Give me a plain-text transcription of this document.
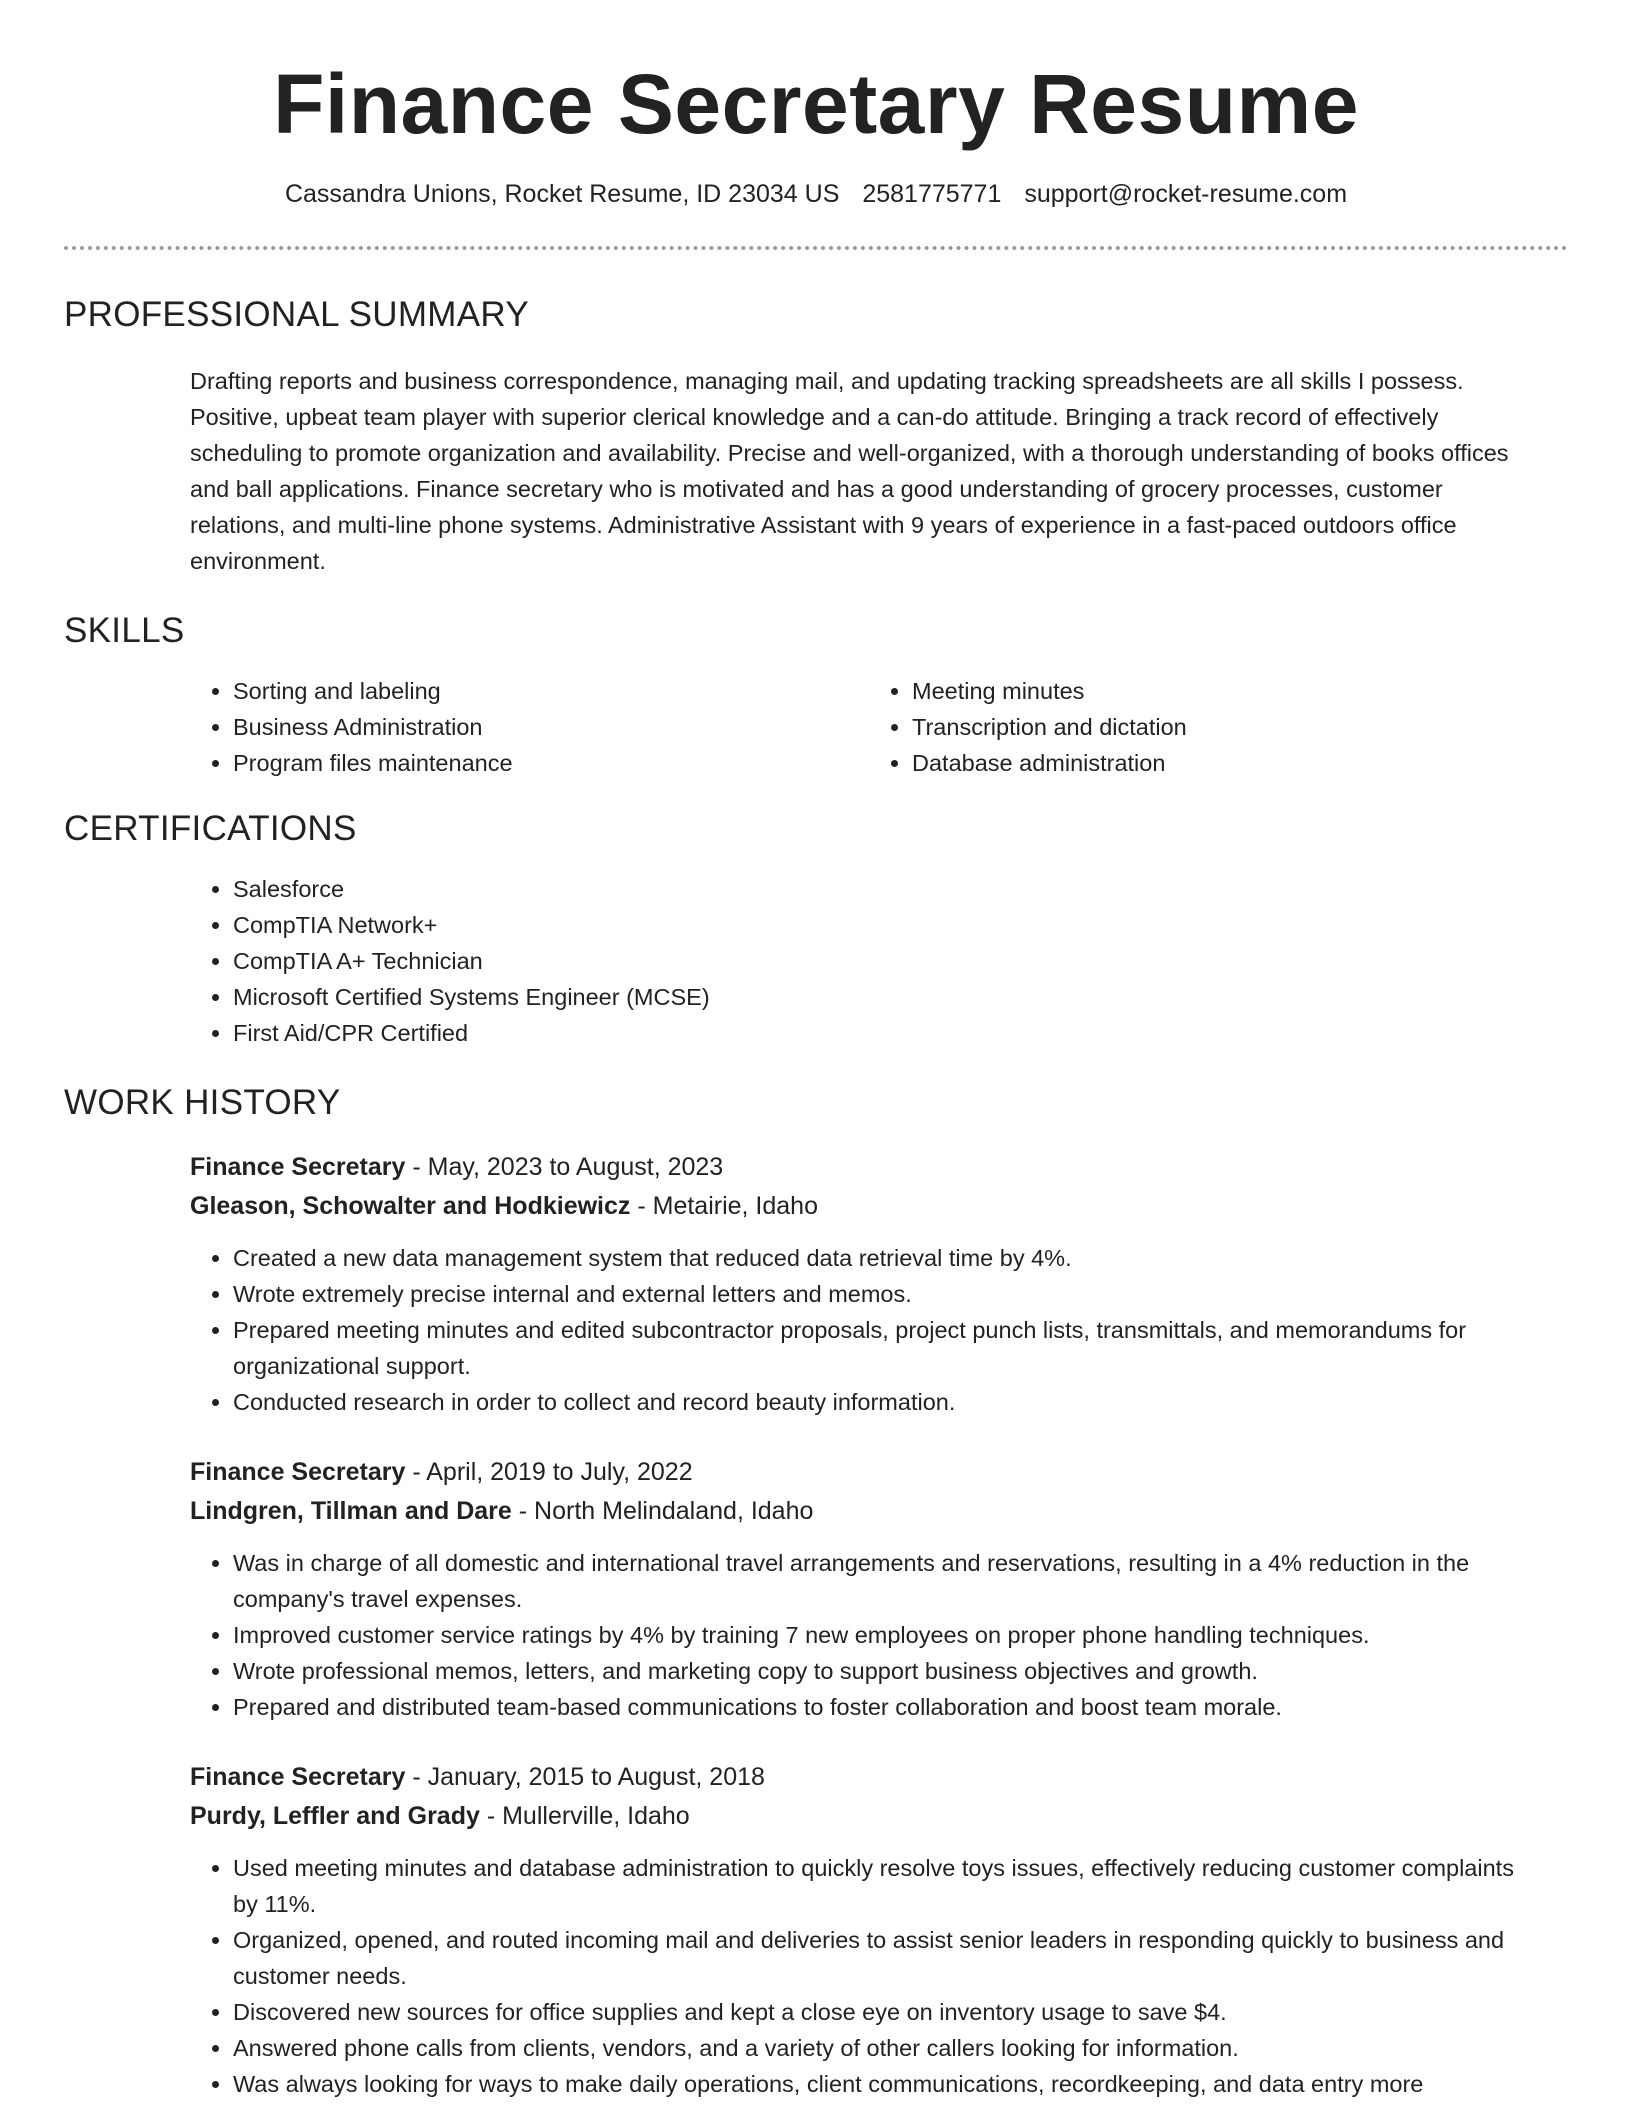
Finance Secretary Resume
Cassandra Unions, Rocket Resume, ID 23034 US 2581775771 support@rocket-resume.com
PROFESSIONAL SUMMARY

Drafting reports and business correspondence, managing mail, and updating tracking spreadsheets are all skills I possess. Positive, upbeat team player with superior clerical knowledge and a can-do attitude. Bringing a track record of effectively scheduling to promote organization and availability. Precise and well-organized, with a thorough understanding of books offices and ball applications. Finance secretary who is motivated and has a good understanding of grocery processes, customer relations, and multi-line phone systems. Administrative Assistant with 9 years of experience in a fast-paced outdoors office environment.

SKILLS
• Sorting and labeling
• Business Administration
• Program files maintenance
• Meeting minutes
• Transcription and dictation
• Database administration
CERTIFICATIONS
• Salesforce
• CompTIA Network+
• CompTIA A+ Technician
• Microsoft Certified Systems Engineer (MCSE)
• First Aid/CPR Certified
WORK HISTORY
Finance Secretary - May, 2023 to August, 2023
Gleason, Schowalter and Hodkiewicz - Metairie, Idaho
• Created a new data management system that reduced data retrieval time by 4%.
• Wrote extremely precise internal and external letters and memos.
• Prepared meeting minutes and edited subcontractor proposals, project punch lists, transmittals, and memorandums for organizational support.
• Conducted research in order to collect and record beauty information.
Finance Secretary - April, 2019 to July, 2022
Lindgren, Tillman and Dare - North Melindaland, Idaho
• Was in charge of all domestic and international travel arrangements and reservations, resulting in a 4% reduction in the company's travel expenses.
• Improved customer service ratings by 4% by training 7 new employees on proper phone handling techniques.
• Wrote professional memos, letters, and marketing copy to support business objectives and growth.
• Prepared and distributed team-based communications to foster collaboration and boost team morale.
Finance Secretary - January, 2015 to August, 2018
Purdy, Leffler and Grady - Mullerville, Idaho
• Used meeting minutes and database administration to quickly resolve toys issues, effectively reducing customer complaints by 11%.
• Organized, opened, and routed incoming mail and deliveries to assist senior leaders in responding quickly to business and customer needs.
• Discovered new sources for office supplies and kept a close eye on inventory usage to save $4.
• Answered phone calls from clients, vendors, and a variety of other callers looking for information.
• Was always looking for ways to make daily operations, client communications, recordkeeping, and data entry more
